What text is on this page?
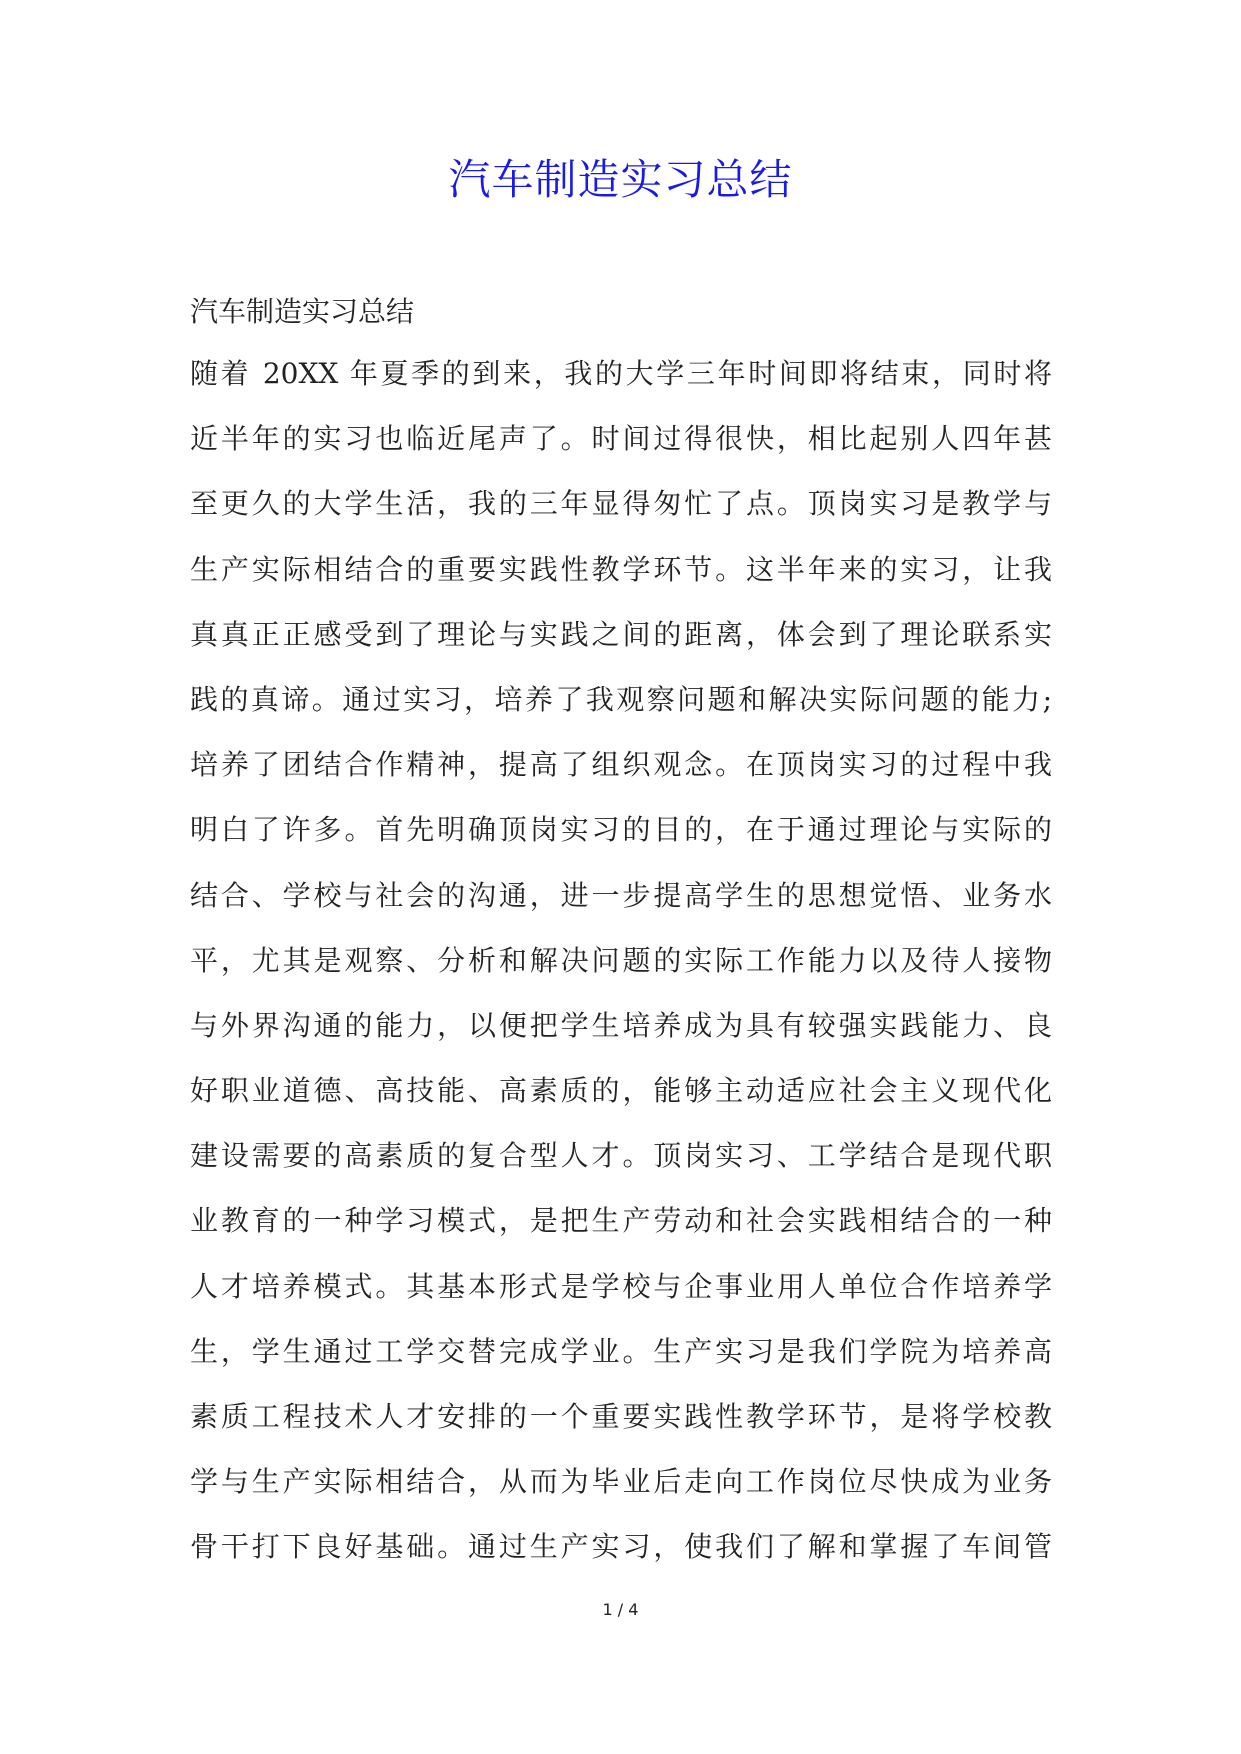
汽车制造实习总结
汽车制造实习总结
随着 20XX 年夏季的到来，我的大学三年时间即将结束，同时将
近半年的实习也临近尾声了。时间过得很快，相比起别人四年甚
至更久的大学生活，我的三年显得匆忙了点。顶岗实习是教学与
生产实际相结合的重要实践性教学环节。这半年来的实习，让我
真真正正感受到了理论与实践之间的距离，体会到了理论联系实
践的真谛。通过实习，培养了我观察问题和解决实际问题的能力;
培养了团结合作精神，提高了组织观念。在顶岗实习的过程中我
明白了许多。首先明确顶岗实习的目的，在于通过理论与实际的
结合、学校与社会的沟通，进一步提高学生的思想觉悟、业务水
平，尤其是观察、分析和解决问题的实际工作能力以及待人接物
与外界沟通的能力，以便把学生培养成为具有较强实践能力、良
好职业道德、高技能、高素质的，能够主动适应社会主义现代化
建设需要的高素质的复合型人才。顶岗实习、工学结合是现代职
业教育的一种学习模式，是把生产劳动和社会实践相结合的一种
人才培养模式。其基本形式是学校与企事业用人单位合作培养学
生，学生通过工学交替完成学业。生产实习是我们学院为培养高
素质工程技术人才安排的一个重要实践性教学环节，是将学校教
学与生产实际相结合，从而为毕业后走向工作岗位尽快成为业务
骨干打下良好基础。通过生产实习，使我们了解和掌握了车间管
1 / 4
